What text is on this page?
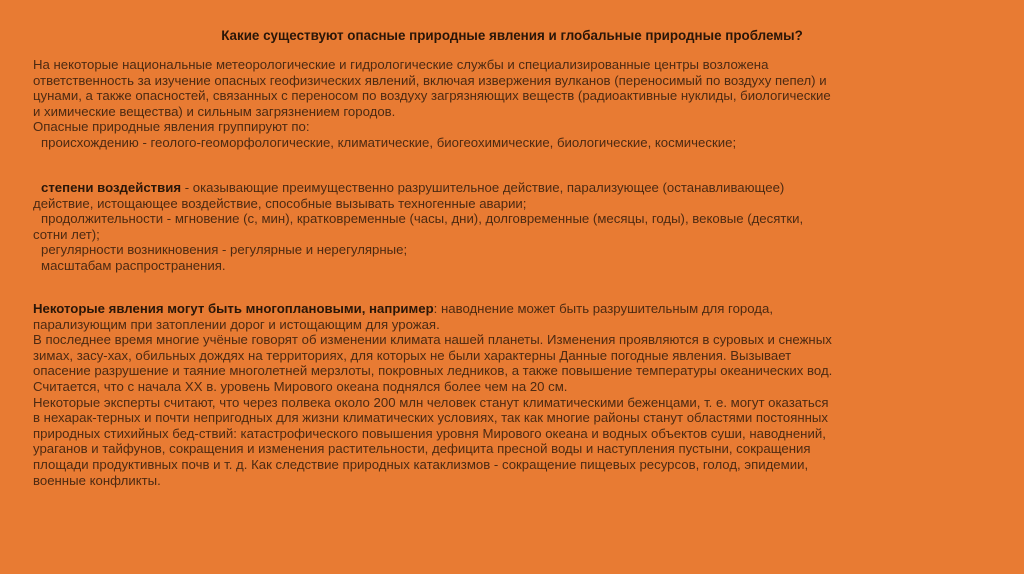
Какие существуют опасные природные явления и глобальные природные проблемы?
На некоторые национальные метеорологические и гидрологические службы и специализированные центры возложена
ответственность за изучение опасных геофизических явлений, включая извержения вулканов (переносимый по воздуху пепел) и
цунами, а также опасностей, связанных с переносом по воздуху загрязняющих веществ (радиоактивные нуклиды, биологические
и химические вещества) и сильным загрязнением городов.
Опасные природные явления группируют по:
происхождению - геолого-геоморфологические, климатические, биогеохимические, биологические, космические;
степени воздействия - оказывающие преимущественно разрушительное действие, парализующее (останавливающее)
действие, истощающее воздействие, способные вызывать техногенные аварии;
продолжительности - мгновение (с, мин), кратковременные (часы, дни), долговременные (месяцы, годы), вековые (десятки,
сотни лет);
регулярности возникновения - регулярные и нерегулярные;
масштабам распространения.
Некоторые явления могут быть многоплановыми, например: наводнение может быть разрушительным для города,
парализующим при затоплении дорог и истощающим для урожая.
В последнее время многие учёные говорят об изменении климата нашей планеты. Изменения проявляются в суровых и снежных
зимах, засу-хах, обильных дождях на территориях, для которых не были характерны Данные погодные явления. Вызывает
опасение разрушение и таяние многолетней мерзлоты, покровных ледников, а также повышение температуры океанических вод.
Считается, что с начала ХХ в. уровень Мирового океана поднялся более чем на 20 см.
Некоторые эксперты считают, что через полвека около 200 млн человек станут климатическими беженцами, т. е. могут оказаться
в нехарак-терных и почти непригодных для жизни климатических условиях, так как многие районы станут областями постоянных
природных стихийных бед-ствий: катастрофического повышения уровня Мирового океана и водных объектов суши, наводнений,
ураганов и тайфунов, сокращения и изменения растительности, дефицита пресной воды и наступления пустыни, сокращения
площади продуктивных почв и т. д. Как следствие природных катаклизмов - сокращение пищевых ресурсов, голод, эпидемии,
военные конфликты.
